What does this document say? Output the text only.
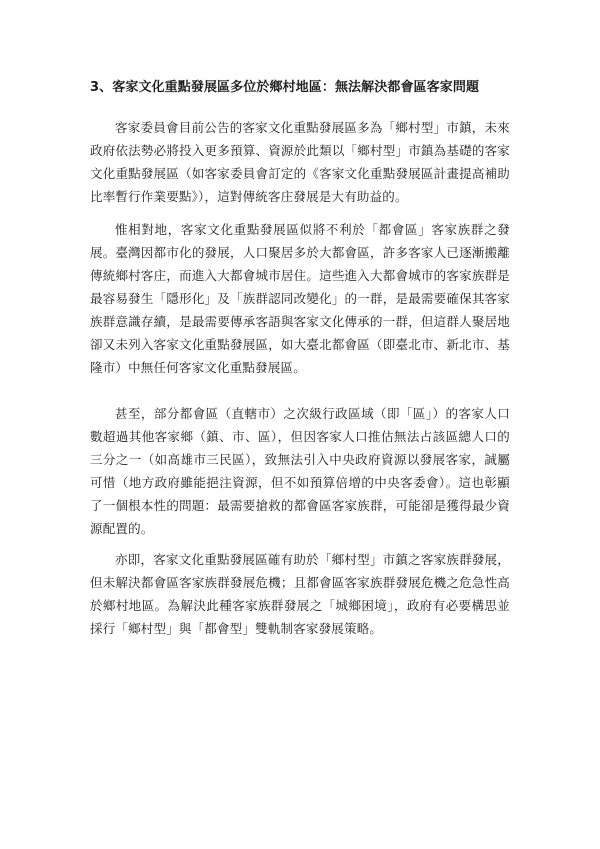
3、客家文化重點發展區多位於鄉村地區：無法解決都會區客家問題

客家委員會目前公告的客家文化重點發展區多為「鄉村型」市鎮，未來政府依法勢必將投入更多預算、資源於此類以「鄉村型」市鎮為基礎的客家文化重點發展區（如客家委員會訂定的《客家文化重點發展區計畫提高補助比率暫行作業要點》），這對傳統客庄發展是大有助益的。

惟相對地，客家文化重點發展區似將不利於「都會區」客家族群之發展。臺灣因都市化的發展，人口聚居多於大都會區，許多客家人已逐漸搬離傳統鄉村客庄，而進入大都會城市居住。這些進入大都會城市的客家族群是最容易發生「隱形化」及「族群認同改變化」的一群，是最需要確保其客家族群意識存續，是最需要傳承客語與客家文化傳承的一群，但這群人聚居地卻又未列入客家文化重點發展區，如大臺北都會區（即臺北市、新北市、基隆市）中無任何客家文化重點發展區。

甚至，部分都會區（直轄市）之次級行政區域（即「區」）的客家人口數超過其他客家鄉（鎮、市、區），但因客家人口推估無法占該區總人口的三分之一（如高雄市三民區），致無法引入中央政府資源以發展客家，誠屬可惜（地方政府雖能挹注資源，但不如預算倍增的中央客委會）。這也彰顯了一個根本性的問題：最需要搶救的都會區客家族群，可能卻是獲得最少資源配置的。

亦即，客家文化重點發展區確有助於「鄉村型」市鎮之客家族群發展，但未解決都會區客家族群發展危機；且都會區客家族群發展危機之危急性高於鄉村地區。為解決此種客家族群發展之「城鄉困境」，政府有必要構思並採行「鄉村型」與「都會型」雙軌制客家發展策略。
